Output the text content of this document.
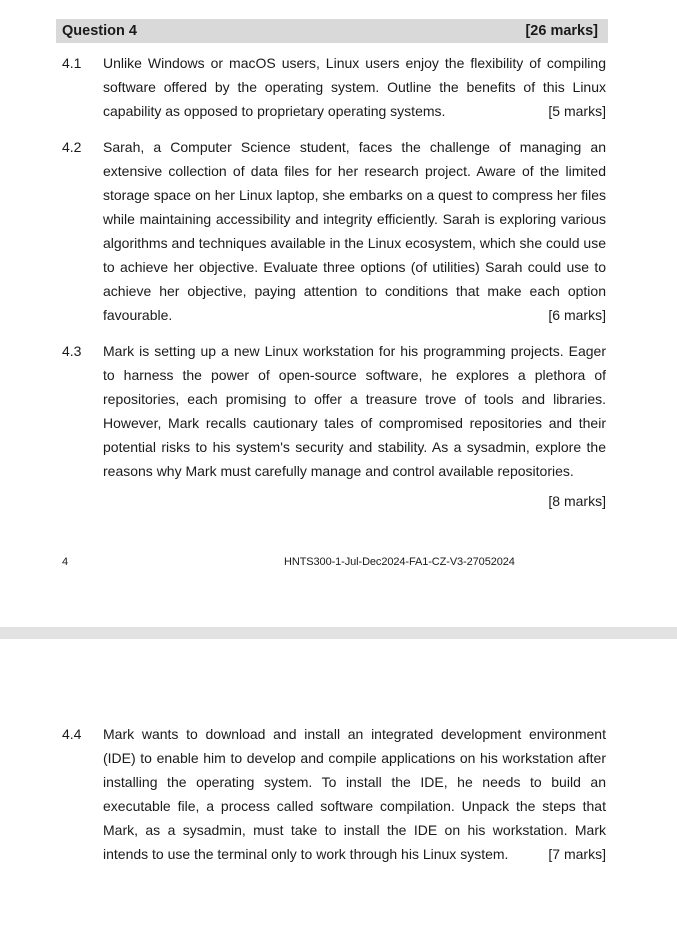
Question 4	[26 marks]
4.1 Unlike Windows or macOS users, Linux users enjoy the flexibility of compiling software offered by the operating system. Outline the benefits of this Linux capability as opposed to proprietary operating systems.	[5 marks]
4.2 Sarah, a Computer Science student, faces the challenge of managing an extensive collection of data files for her research project. Aware of the limited storage space on her Linux laptop, she embarks on a quest to compress her files while maintaining accessibility and integrity efficiently. Sarah is exploring various algorithms and techniques available in the Linux ecosystem, which she could use to achieve her objective. Evaluate three options (of utilities) Sarah could use to achieve her objective, paying attention to conditions that make each option favourable.	[6 marks]
4.3 Mark is setting up a new Linux workstation for his programming projects. Eager to harness the power of open-source software, he explores a plethora of repositories, each promising to offer a treasure trove of tools and libraries. However, Mark recalls cautionary tales of compromised repositories and their potential risks to his system's security and stability. As a sysadmin, explore the reasons why Mark must carefully manage and control available repositories.
[8 marks]
4	HNTS300-1-Jul-Dec2024-FA1-CZ-V3-27052024
4.4 Mark wants to download and install an integrated development environment (IDE) to enable him to develop and compile applications on his workstation after installing the operating system. To install the IDE, he needs to build an executable file, a process called software compilation. Unpack the steps that Mark, as a sysadmin, must take to install the IDE on his workstation. Mark intends to use the terminal only to work through his Linux system.	[7 marks]
